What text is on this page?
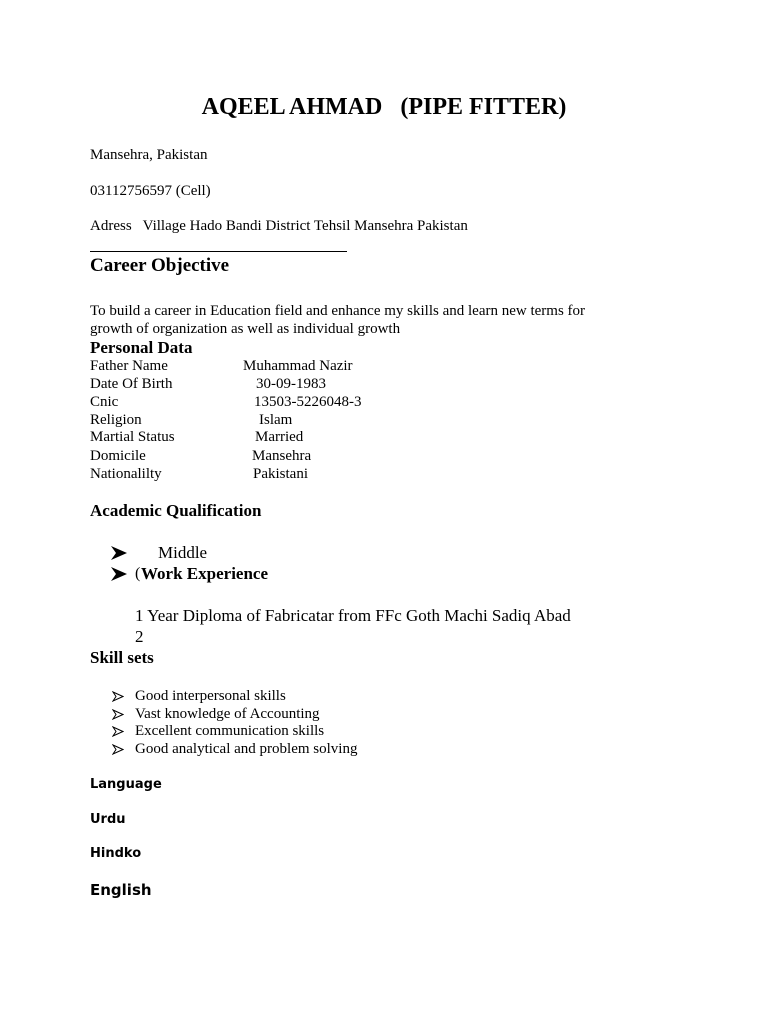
AQEEL AHMAD   (PIPE FITTER)
Mansehra, Pakistan
03112756597 (Cell)
Adress   Village Hado Bandi District Tehsil Mansehra Pakistan
Career Objective
To build a career in Education field and enhance my skills and learn new terms for growth of organization as well as individual growth
Personal Data
Father Name	Muhammad Nazir
Date Of Birth	30-09-1983
Cnic	13503-5226048-3
Religion	Islam
Martial Status	Married
Domicile	Mansehra
Nationalilty	Pakistani
Academic Qualification
Middle
( Work Experience
1 Year Diploma of Fabricatar from FFc Goth Machi Sadiq Abad
2
Skill sets
Good interpersonal skills
Vast knowledge of Accounting
Excellent communication skills
Good analytical and problem solving
Language
Urdu
Hindko
English
